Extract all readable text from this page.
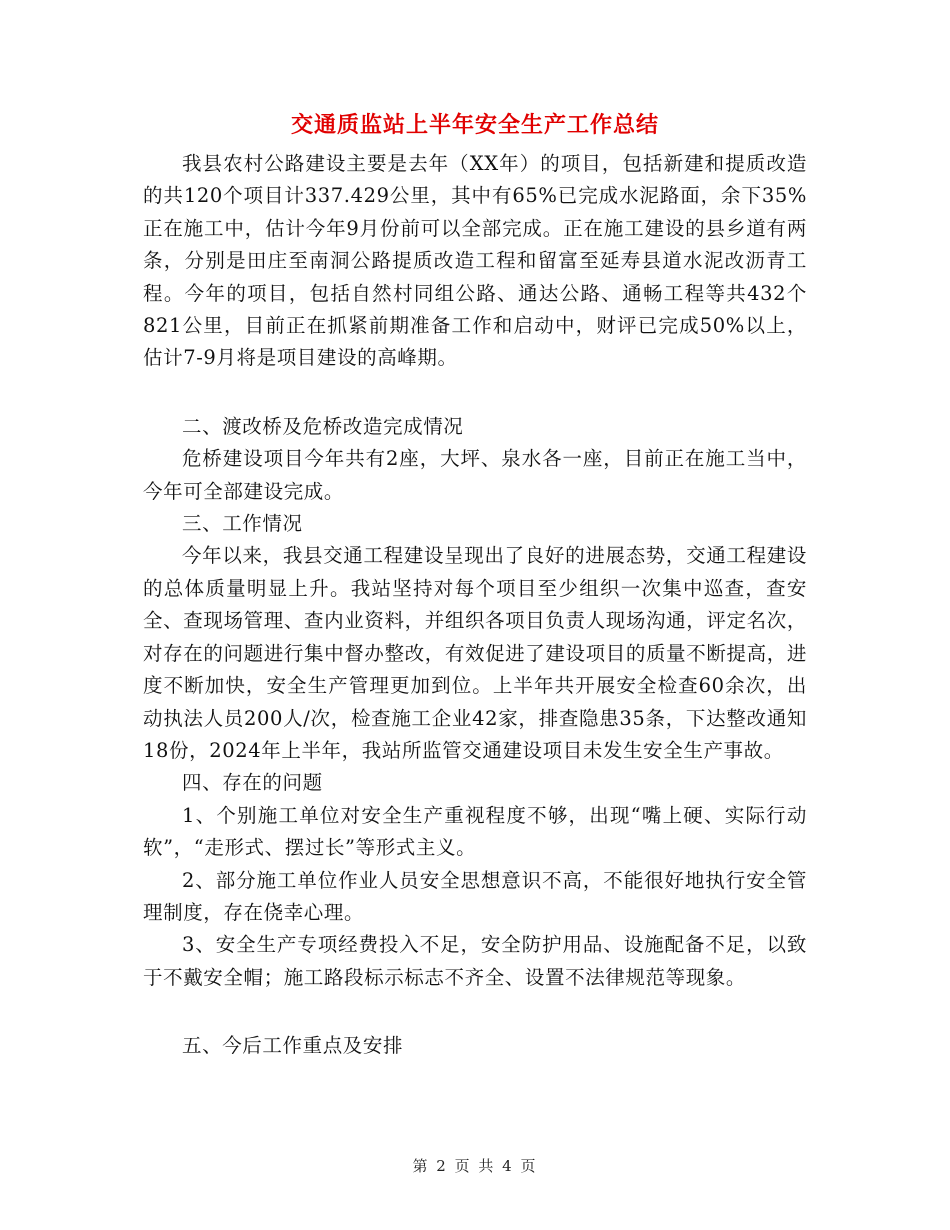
交通质监站上半年安全生产工作总结

我县农村公路建设主要是去年（XX年）的项目，包括新建和提质改造的共120个项目计337.429公里，其中有65%已完成水泥路面，余下35%正在施工中，估计今年9月份前可以全部完成。正在施工建设的县乡道有两条，分别是田庄至南洞公路提质改造工程和留富至延寿县道水泥改沥青工程。今年的项目，包括自然村同组公路、通达公路、通畅工程等共432个821公里，目前正在抓紧前期准备工作和启动中，财评已完成50%以上，估计7-9月将是项目建设的高峰期。

二、渡改桥及危桥改造完成情况

危桥建设项目今年共有2座，大坪、泉水各一座，目前正在施工当中，今年可全部建设完成。

三、工作情况

今年以来，我县交通工程建设呈现出了良好的进展态势，交通工程建设的总体质量明显上升。我站坚持对每个项目至少组织一次集中巡查，查安全、查现场管理、查内业资料，并组织各项目负责人现场沟通，评定名次，对存在的问题进行集中督办整改，有效促进了建设项目的质量不断提高，进度不断加快，安全生产管理更加到位。上半年共开展安全检查60余次，出动执法人员200人/次，检查施工企业42家，排查隐患35条，下达整改通知18份，2024年上半年，我站所监管交通建设项目未发生安全生产事故。

四、存在的问题

1、个别施工单位对安全生产重视程度不够，出现“嘴上硬、实际行动软”，“走形式、摆过长”等形式主义。

2、部分施工单位作业人员安全思想意识不高，不能很好地执行安全管理制度，存在侥幸心理。

3、安全生产专项经费投入不足，安全防护用品、设施配备不足，以致于不戴安全帽；施工路段标示标志不齐全、设置不法律规范等现象。

五、今后工作重点及安排

第 2 页 共 4 页
